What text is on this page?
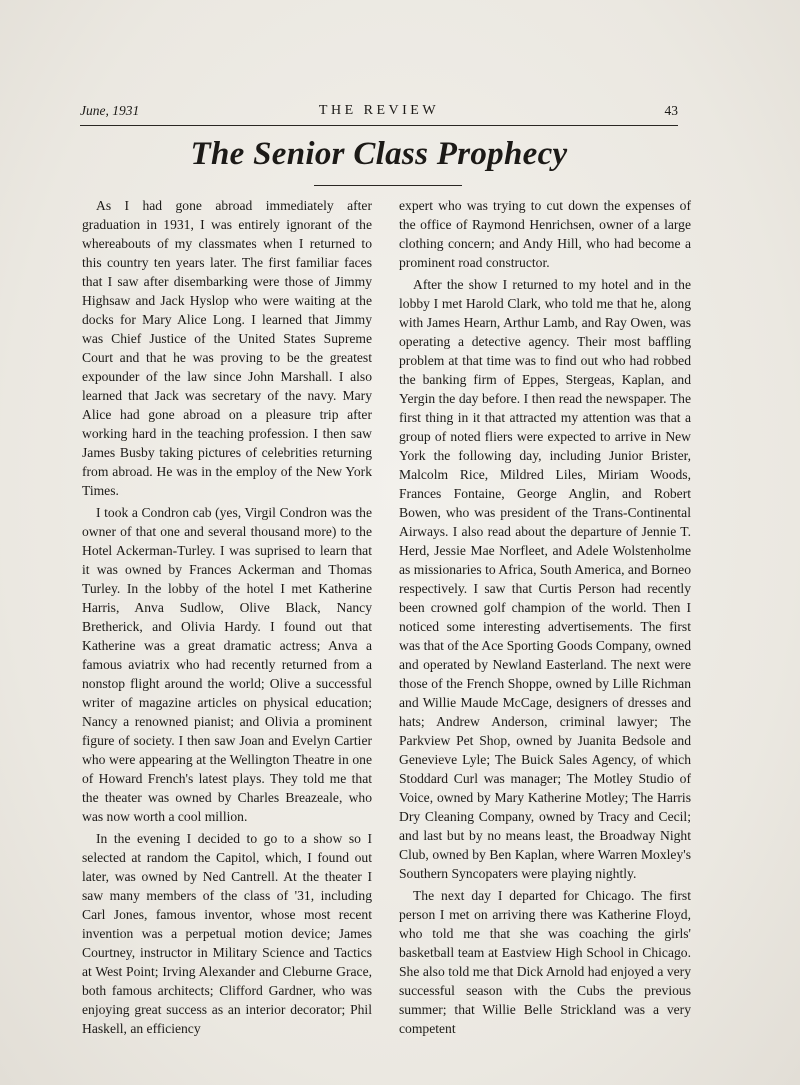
June, 1931	THE REVIEW	43
The Senior Class Prophecy

As I had gone abroad immediately after graduation in 1931, I was entirely ignorant of the whereabouts of my classmates when I returned to this country ten years later. The first familiar faces that I saw after disembarking were those of Jimmy Highsaw and Jack Hyslop who were waiting at the docks for Mary Alice Long. I learned that Jimmy was Chief Justice of the United States Supreme Court and that he was proving to be the greatest expounder of the law since John Marshall. I also learned that Jack was secretary of the navy. Mary Alice had gone abroad on a pleasure trip after working hard in the teaching profession. I then saw James Busby taking pictures of celebrities returning from abroad. He was in the employ of the New York Times.

I took a Condron cab (yes, Virgil Condron was the owner of that one and several thousand more) to the Hotel Ackerman-Turley. I was suprised to learn that it was owned by Frances Ackerman and Thomas Turley. In the lobby of the hotel I met Katherine Harris, Anva Sudlow, Olive Black, Nancy Bretherick, and Olivia Hardy. I found out that Katherine was a great dramatic actress; Anva a famous aviatrix who had recently returned from a nonstop flight around the world; Olive a successful writer of magazine articles on physical education; Nancy a renowned pianist; and Olivia a prominent figure of society. I then saw Joan and Evelyn Cartier who were appearing at the Wellington Theatre in one of Howard French's latest plays. They told me that the theater was owned by Charles Breazeale, who was now worth a cool million.

In the evening I decided to go to a show so I selected at random the Capitol, which, I found out later, was owned by Ned Cantrell. At the theater I saw many members of the class of '31, including Carl Jones, famous inventor, whose most recent invention was a perpetual motion device; James Courtney, instructor in Military Science and Tactics at West Point; Irving Alexander and Cleburne Grace, both famous architects; Clifford Gardner, who was enjoying great success as an interior decorator; Phil Haskell, an efficiency

expert who was trying to cut down the expenses of the office of Raymond Henrichsen, owner of a large clothing concern; and Andy Hill, who had become a prominent road constructor.

After the show I returned to my hotel and in the lobby I met Harold Clark, who told me that he, along with James Hearn, Arthur Lamb, and Ray Owen, was operating a detective agency. Their most baffling problem at that time was to find out who had robbed the banking firm of Eppes, Stergeas, Kaplan, and Yergin the day before. I then read the newspaper. The first thing in it that attracted my attention was that a group of noted fliers were expected to arrive in New York the following day, including Junior Brister, Malcolm Rice, Mildred Liles, Miriam Woods, Frances Fontaine, George Anglin, and Robert Bowen, who was president of the Trans-Continental Airways. I also read about the departure of Jennie T. Herd, Jessie Mae Norfleet, and Adele Wolstenholme as missionaries to Africa, South America, and Borneo respectively. I saw that Curtis Person had recently been crowned golf champion of the world. Then I noticed some interesting advertisements. The first was that of the Ace Sporting Goods Company, owned and operated by Newland Easterland. The next were those of the French Shoppe, owned by Lille Richman and Willie Maude McCage, designers of dresses and hats; Andrew Anderson, criminal lawyer; The Parkview Pet Shop, owned by Juanita Bedsole and Genevieve Lyle; The Buick Sales Agency, of which Stoddard Curl was manager; The Motley Studio of Voice, owned by Mary Katherine Motley; The Harris Dry Cleaning Company, owned by Tracy and Cecil; and last but by no means least, the Broadway Night Club, owned by Ben Kaplan, where Warren Moxley's Southern Syncopaters were playing nightly.

The next day I departed for Chicago. The first person I met on arriving there was Katherine Floyd, who told me that she was coaching the girls' basketball team at Eastview High School in Chicago. She also told me that Dick Arnold had enjoyed a very successful season with the Cubs the previous summer; that Willie Belle Strickland was a very competent
